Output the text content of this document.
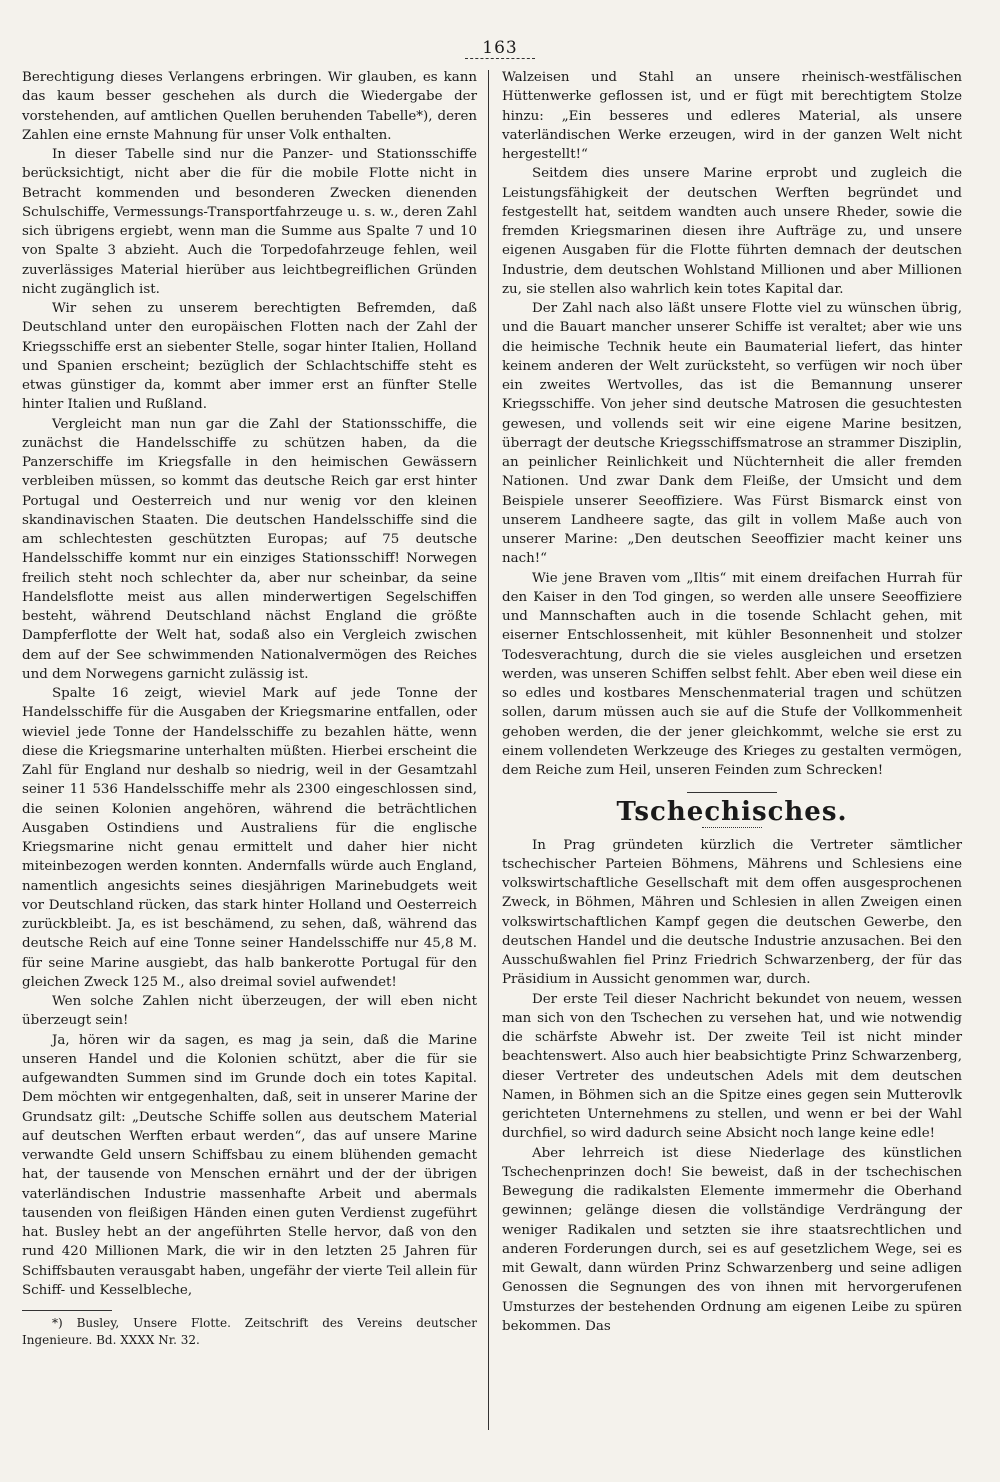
163

Berechtigung dieses Verlangens erbringen. Wir glauben, es kann das kaum besser geschehen als durch die Wiedergabe der vorstehenden, auf amtlichen Quellen beruhenden Tabelle*), deren Zahlen eine ernste Mahnung für unser Volk enthalten.

In dieser Tabelle sind nur die Panzer- und Stationsschiffe berücksichtigt, nicht aber die für die mobile Flotte nicht in Betracht kommenden und besonderen Zwecken dienenden Schulschiffe, Vermessungs-Transportfahrzeuge u. s. w., deren Zahl sich übrigens ergiebt, wenn man die Summe aus Spalte 7 und 10 von Spalte 3 abzieht. Auch die Torpedofahrzeuge fehlen, weil zuverlässiges Material hierüber aus leichtbegreiflichen Gründen nicht zugänglich ist.

Wir sehen zu unserem berechtigten Befremden, daß Deutschland unter den europäischen Flotten nach der Zahl der Kriegsschiffe erst an siebenter Stelle, sogar hinter Italien, Holland und Spanien erscheint; bezüglich der Schlachtschiffe steht es etwas günstiger da, kommt aber immer erst an fünfter Stelle hinter Italien und Rußland.

Vergleicht man nun gar die Zahl der Stationsschiffe, die zunächst die Handelsschiffe zu schützen haben, da die Panzerschiffe im Kriegsfalle in den heimischen Gewässern verbleiben müssen, so kommt das deutsche Reich gar erst hinter Portugal und Oesterreich und nur wenig vor den kleinen skandinavischen Staaten. Die deutschen Handelsschiffe sind die am schlechtesten geschützten Europas; auf 75 deutsche Handelsschiffe kommt nur ein einziges Stationsschiff! Norwegen freilich steht noch schlechter da, aber nur scheinbar, da seine Handelsflotte meist aus allen minderwertigen Segelschiffen besteht, während Deutschland nächst England die größte Dampferflotte der Welt hat, sodaß also ein Vergleich zwischen dem auf der See schwimmenden Nationalvermögen des Reiches und dem Norwegens garnicht zulässig ist.

Spalte 16 zeigt, wieviel Mark auf jede Tonne der Handelsschiffe für die Ausgaben der Kriegsmarine entfallen, oder wieviel jede Tonne der Handelsschiffe zu bezahlen hätte, wenn diese die Kriegsmarine unterhalten müßten. Hierbei erscheint die Zahl für England nur deshalb so niedrig, weil in der Gesamtzahl seiner 11 536 Handelsschiffe mehr als 2300 eingeschlossen sind, die seinen Kolonien angehören, während die beträchtlichen Ausgaben Ostindiens und Australiens für die englische Kriegsmarine nicht genau ermittelt und daher hier nicht miteinbezogen werden konnten. Andernfalls würde auch England, namentlich angesichts seines diesjährigen Marinebudgets weit vor Deutschland rücken, das stark hinter Holland und Oesterreich zurückbleibt. Ja, es ist beschämend, zu sehen, daß, während das deutsche Reich auf eine Tonne seiner Handelsschiffe nur 45,8 M. für seine Marine ausgiebt, das halb bankerotte Portugal für den gleichen Zweck 125 M., also dreimal soviel aufwendet!

Wen solche Zahlen nicht überzeugen, der will eben nicht überzeugt sein!

Ja, hören wir da sagen, es mag ja sein, daß die Marine unseren Handel und die Kolonien schützt, aber die für sie aufgewandten Summen sind im Grunde doch ein totes Kapital. Dem möchten wir entgegenhalten, daß, seit in unserer Marine der Grundsatz gilt: „Deutsche Schiffe sollen aus deutschem Material auf deutschen Werften erbaut werden“, das auf unsere Marine verwandte Geld unsern Schiffsbau zu einem blühenden gemacht hat, der tausende von Menschen ernährt und der der übrigen vaterländischen Industrie massenhafte Arbeit und abermals tausenden von fleißigen Händen einen guten Verdienst zugeführt hat. Busley hebt an der angeführten Stelle hervor, daß von den rund 420 Millionen Mark, die wir in den letzten 25 Jahren für Schiffsbauten verausgabt haben, ungefähr der vierte Teil allein für Schiff- und Kesselbleche,

*) Busley, Unsere Flotte. Zeitschrift des Vereins deutscher Ingenieure. Bd. XXXX Nr. 32.

Walzeisen und Stahl an unsere rheinisch-westfälischen Hüttenwerke geflossen ist, und er fügt mit berechtigtem Stolze hinzu: „Ein besseres und edleres Material, als unsere vaterländischen Werke erzeugen, wird in der ganzen Welt nicht hergestellt!“

Seitdem dies unsere Marine erprobt und zugleich die Leistungsfähigkeit der deutschen Werften begründet und festgestellt hat, seitdem wandten auch unsere Rheder, sowie die fremden Kriegsmarinen diesen ihre Aufträge zu, und unsere eigenen Ausgaben für die Flotte führten demnach der deutschen Industrie, dem deutschen Wohlstand Millionen und aber Millionen zu, sie stellen also wahrlich kein totes Kapital dar.

Der Zahl nach also läßt unsere Flotte viel zu wünschen übrig, und die Bauart mancher unserer Schiffe ist veraltet; aber wie uns die heimische Technik heute ein Baumaterial liefert, das hinter keinem anderen der Welt zurücksteht, so verfügen wir noch über ein zweites Wertvolles, das ist die Bemannung unserer Kriegsschiffe. Von jeher sind deutsche Matrosen die gesuchtesten gewesen, und vollends seit wir eine eigene Marine besitzen, überragt der deutsche Kriegsschiffsmatrose an strammer Disziplin, an peinlicher Reinlichkeit und Nüchternheit die aller fremden Nationen. Und zwar Dank dem Fleiße, der Umsicht und dem Beispiele unserer Seeoffiziere. Was Fürst Bismarck einst von unserem Landheere sagte, das gilt in vollem Maße auch von unserer Marine: „Den deutschen Seeoffizier macht keiner uns nach!“

Wie jene Braven vom „Iltis“ mit einem dreifachen Hurrah für den Kaiser in den Tod gingen, so werden alle unsere Seeoffiziere und Mannschaften auch in die tosende Schlacht gehen, mit eiserner Entschlossenheit, mit kühler Besonnenheit und stolzer Todesverachtung, durch die sie vieles ausgleichen und ersetzen werden, was unseren Schiffen selbst fehlt. Aber eben weil diese ein so edles und kostbares Menschenmaterial tragen und schützen sollen, darum müssen auch sie auf die Stufe der Vollkommenheit gehoben werden, die der jener gleichkommt, welche sie erst zu einem vollendeten Werkzeuge des Krieges zu gestalten vermögen, dem Reiche zum Heil, unseren Feinden zum Schrecken!

Tschechisches.

In Prag gründeten kürzlich die Vertreter sämtlicher tschechischer Parteien Böhmens, Mährens und Schlesiens eine volkswirtschaftliche Gesellschaft mit dem offen ausgesprochenen Zweck, in Böhmen, Mähren und Schlesien in allen Zweigen einen volkswirtschaftlichen Kampf gegen die deutschen Gewerbe, den deutschen Handel und die deutsche Industrie anzusachen. Bei den Ausschußwahlen fiel Prinz Friedrich Schwarzenberg, der für das Präsidium in Aussicht genommen war, durch.

Der erste Teil dieser Nachricht bekundet von neuem, wessen man sich von den Tschechen zu versehen hat, und wie notwendig die schärfste Abwehr ist. Der zweite Teil ist nicht minder beachtenswert. Also auch hier beabsichtigte Prinz Schwarzenberg, dieser Vertreter des undeutschen Adels mit dem deutschen Namen, in Böhmen sich an die Spitze eines gegen sein Mutterovlk gerichteten Unternehmens zu stellen, und wenn er bei der Wahl durchfiel, so wird dadurch seine Absicht noch lange keine edle!

Aber lehrreich ist diese Niederlage des künstlichen Tschechenprinzen doch! Sie beweist, daß in der tschechischen Bewegung die radikalsten Elemente immermehr die Oberhand gewinnen; gelänge diesen die vollständige Verdrängung der weniger Radikalen und setzten sie ihre staatsrechtlichen und anderen Forderungen durch, sei es auf gesetzlichem Wege, sei es mit Gewalt, dann würden Prinz Schwarzenberg und seine adligen Genossen die Segnungen des von ihnen mit hervorgerufenen Umsturzes der bestehenden Ordnung am eigenen Leibe zu spüren bekommen. Das
